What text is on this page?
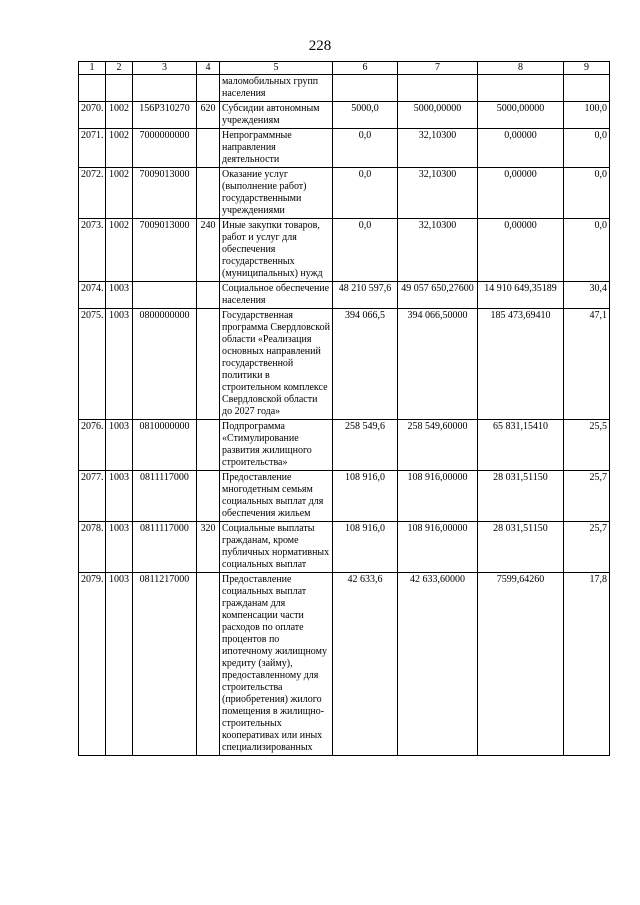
228
1	2	3	4	5	6	7	8	9
				маломобильных групп населения				
2070.	1002	156P310270	620	Субсидии автономным учреждениям	5000,0	5000,00000	5000,00000	100,0
2071.	1002	7000000000		Непрограммные направления деятельности	0,0	32,10300	0,00000	0,0
2072.	1002	7009013000		Оказание услуг (выполнение работ) государственными учреждениями	0,0	32,10300	0,00000	0,0
2073.	1002	7009013000	240	Иные закупки товаров, работ и услуг для обеспечения государственных (муниципальных) нужд	0,0	32,10300	0,00000	0,0
2074.	1003			Социальное обеспечение населения	48 210 597,6	49 057 650,27600	14 910 649,35189	30,4
2075.	1003	0800000000		Государственная программа Свердловской области «Реализация основных направлений государственной политики в строительном комплексе Свердловской области до 2027 года»	394 066,5	394 066,50000	185 473,69410	47,1
2076.	1003	0810000000		Подпрограмма «Стимулирование развития жилищного строительства»	258 549,6	258 549,60000	65 831,15410	25,5
2077.	1003	0811117000		Предоставление многодетным семьям социальных выплат для обеспечения жильем	108 916,0	108 916,00000	28 031,51150	25,7
2078.	1003	0811117000	320	Социальные выплаты гражданам, кроме публичных нормативных социальных выплат	108 916,0	108 916,00000	28 031,51150	25,7
2079.	1003	0811217000		Предоставление социальных выплат гражданам для компенсации части расходов по оплате процентов по ипотечному жилищному кредиту (займу), предоставленному для строительства (приобретения) жилого помещения в жилищно-строительных кооперативах или иных специализированных	42 633,6	42 633,60000	7599,64260	17,8
